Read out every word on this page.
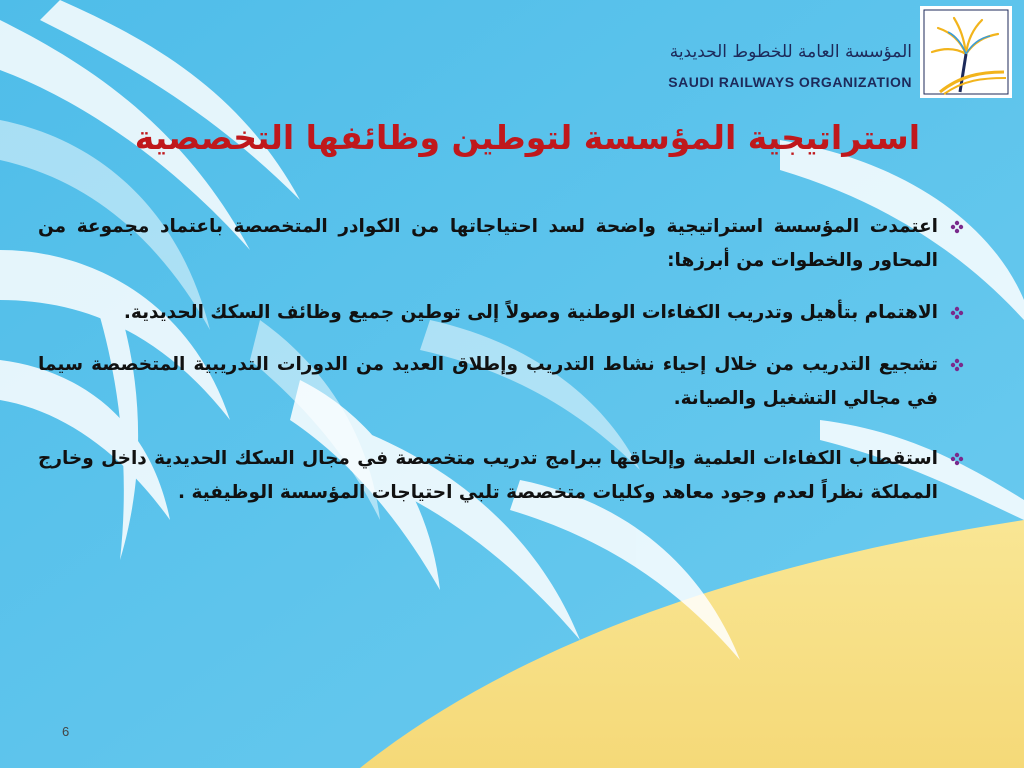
المؤسسة العامة للخطوط الحديدية
SAUDI RAILWAYS ORGANIZATION
استراتيجية المؤسسة لتوطين وظائفها التخصصية
اعتمدت المؤسسة استراتيجية واضحة لسد احتياجاتها من الكوادر المتخصصة باعتماد مجموعة من المحاور والخطوات من أبرزها:
الاهتمام بتأهيل وتدريب الكفاءات الوطنية وصولاً إلى توطين جميع وظائف السكك الحديدية.
تشجيع التدريب من خلال إحياء نشاط التدريب وإطلاق العديد من الدورات التدريبية المتخصصة سيما في مجالي التشغيل والصيانة.
استقطاب الكفاءات العلمية وإلحاقها ببرامج تدريب متخصصة في مجال السكك الحديدية داخل وخارج المملكة نظراً لعدم وجود معاهد وكليات متخصصة تلبي احتياجات المؤسسة الوظيفية .
6
